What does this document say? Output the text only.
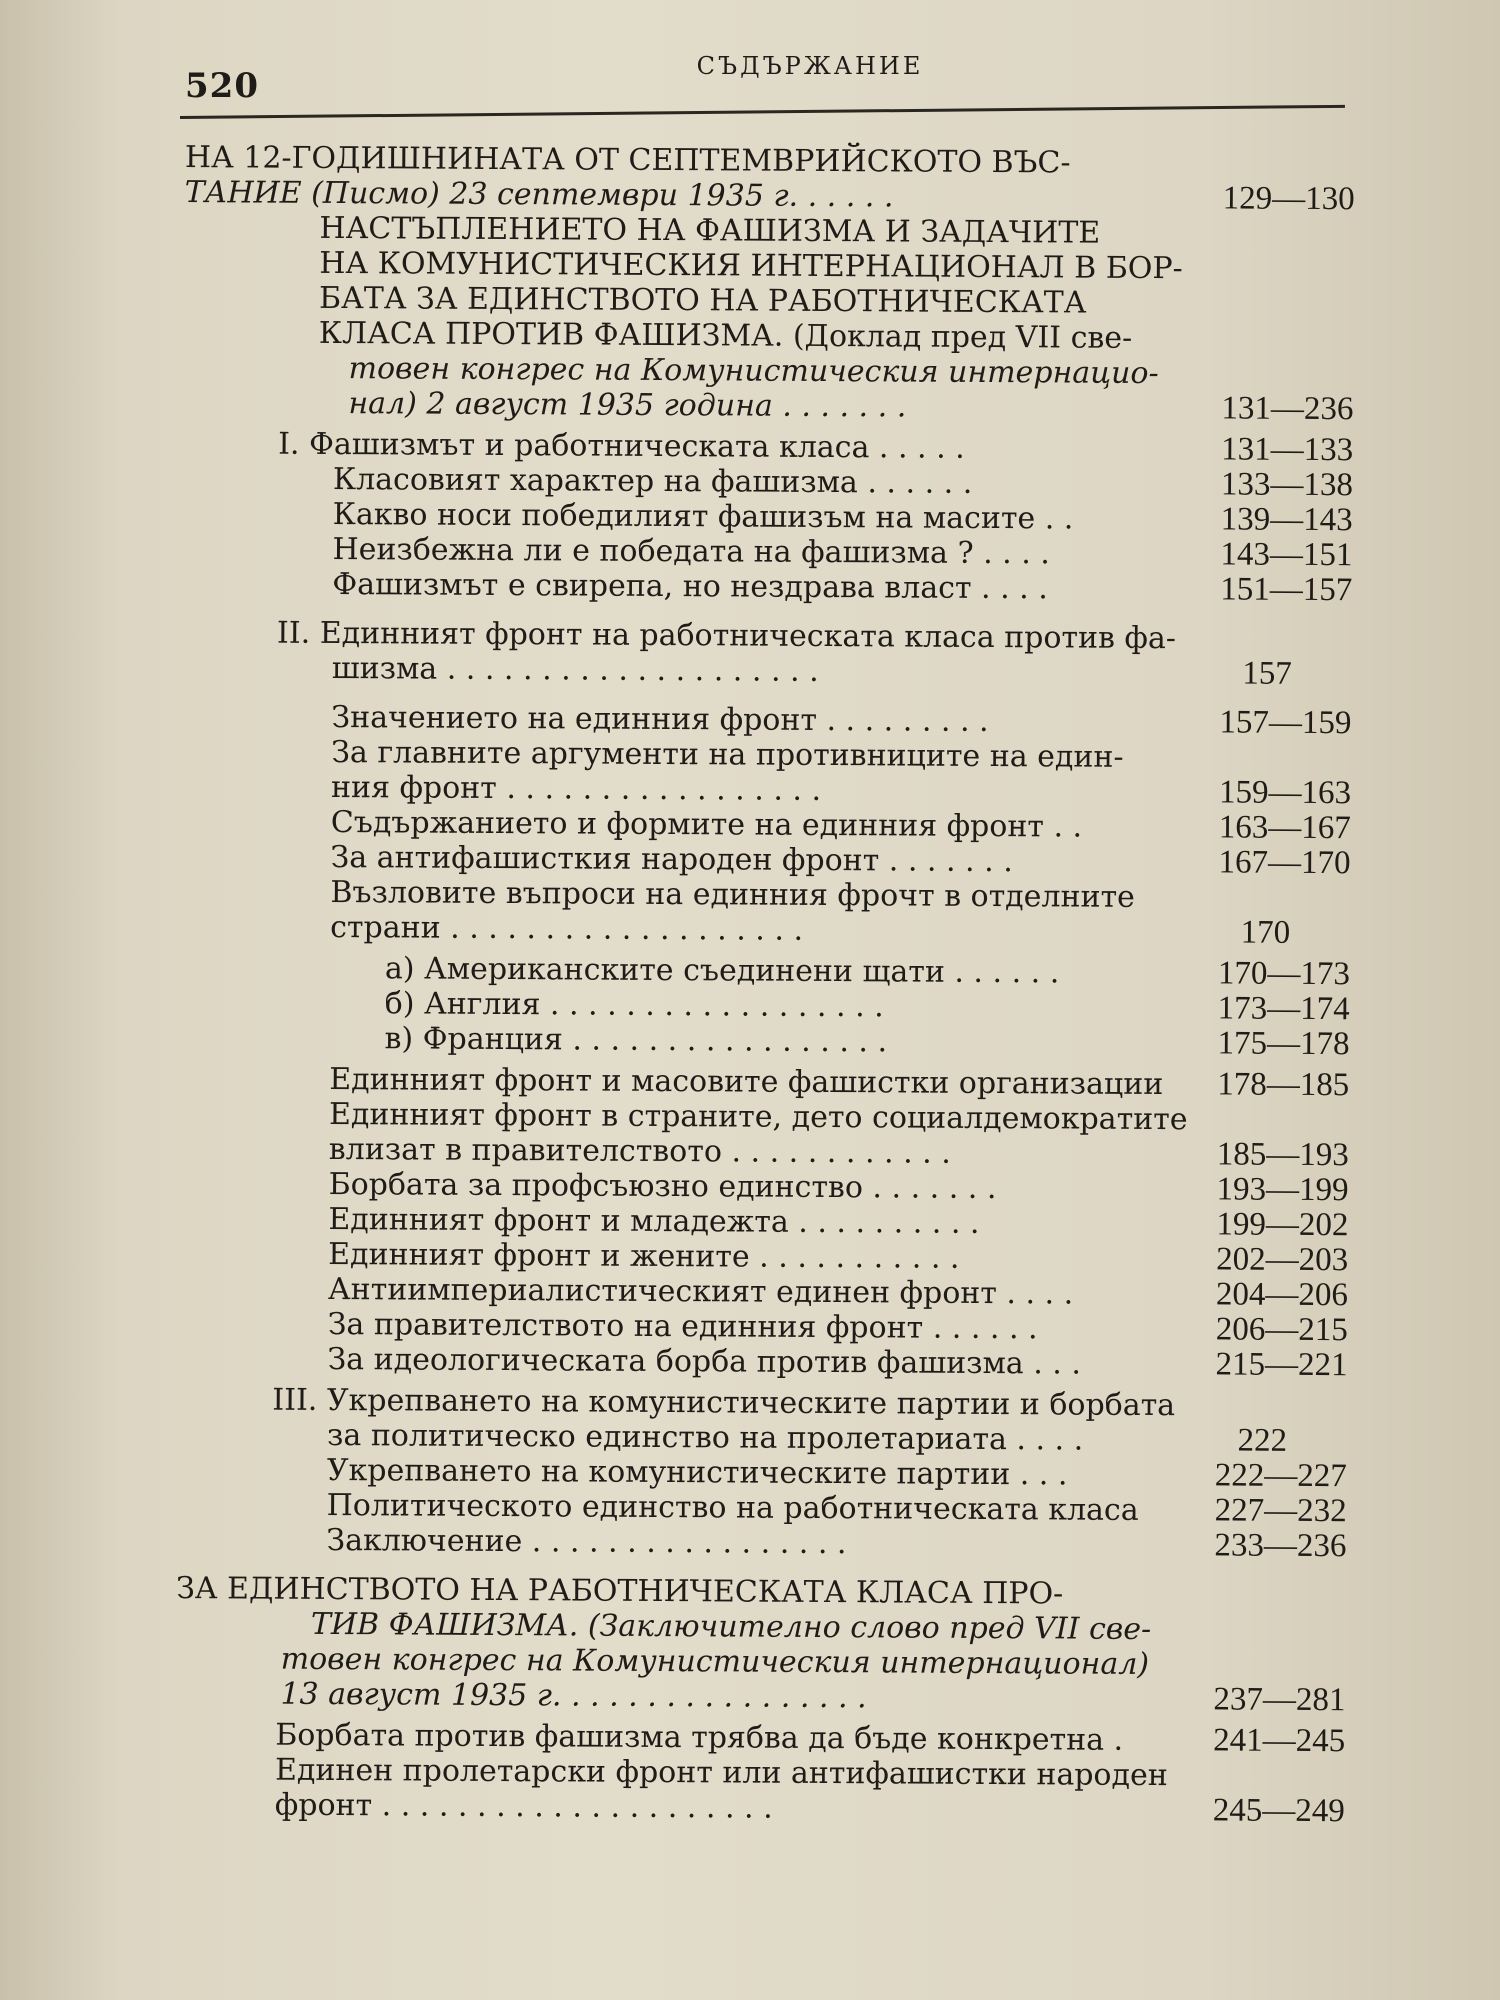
520	СЪДЪРЖАНИЕ
НА 12-ГОДИШНИНАТА ОТ СЕПТЕМВРИЙСКОТО ВЪС-
ТАНИЕ (Писмо) 23 септември 1935 г. . . . . .	129—130
НАСТЪПЛЕНИЕТО НА ФАШИЗМА И ЗАДАЧИТЕ
НА КОМУНИСТИЧЕСКИЯ ИНТЕРНАЦИОНАЛ В БОР-
БАТА ЗА ЕДИНСТВОТО НА РАБОТНИЧЕСКАТА
КЛАСА ПРОТИВ ФАШИЗМА. (Доклад пред VII све-
товен конгрес на Комунистическия интернацио-
нал) 2 август 1935 година . . . . . . .	131—236
I. Фашизмът и работническата класа . . . . .	131—133
Класовият характер на фашизма . . . . . .	133—138
Какво носи победилият фашизъм на масите . .	139—143
Неизбежна ли е победата на фашизма ? . . . .	143—151
Фашизмът е свирепа, но нездрава власт . . . .	151—157
II. Единният фронт на работническата класа против фа-
шизма . . . . . . . . . . . . . . . . . . . .	157
Значението на единния фронт . . . . . . . . .	157—159
За главните аргументи на противниците на един-
ния фронт . . . . . . . . . . . . . . . . .	159—163
Съдържанието и формите на единния фронт . .	163—167
За антифашисткия народен фронт . . . . . . .	167—170
Възловите въпроси на единния фрочт в отделните
страни . . . . . . . . . . . . . . . . . . .	170
а) Американските съединени щати . . . . . .	170—173
б) Англия . . . . . . . . . . . . . . . . . .	173—174
в) Франция . . . . . . . . . . . . . . . . .	175—178
Единният фронт и масовите фашистки организации	178—185
Единният фронт в страните, дето социалдемократите
влизат в правителството . . . . . . . . . . . .	185—193
Борбата за профсъюзно единство . . . . . . .	193—199
Единният фронт и младежта . . . . . . . . . .	199—202
Единният фронт и жените . . . . . . . . . . .	202—203
Антиимпериалистическият единен фронт . . . .	204—206
За правителството на единния фронт . . . . . .	206—215
За идеологическата борба против фашизма . . .	215—221
III. Укрепването на комунистическите партии и борбата
за политическо единство на пролетариата . . . .	222
Укрепването на комунистическите партии . . .	222—227
Политическото единство на работническата класа	227—232
Заключение . . . . . . . . . . . . . . . . .	233—236
ЗА ЕДИНСТВОТО НА РАБОТНИЧЕСКАТА КЛАСА ПРО-
ТИВ ФАШИЗМА. (Заключително слово пред VII све-
товен конгрес на Комунистическия интернационал)
13 август 1935 г. . . . . . . . . . . . . . . . .	237—281
Борбата против фашизма трябва да бъде конкретна .	241—245
Единен пролетарски фронт или антифашистки народен
фронт . . . . . . . . . . . . . . . . . . . . .	245—249
